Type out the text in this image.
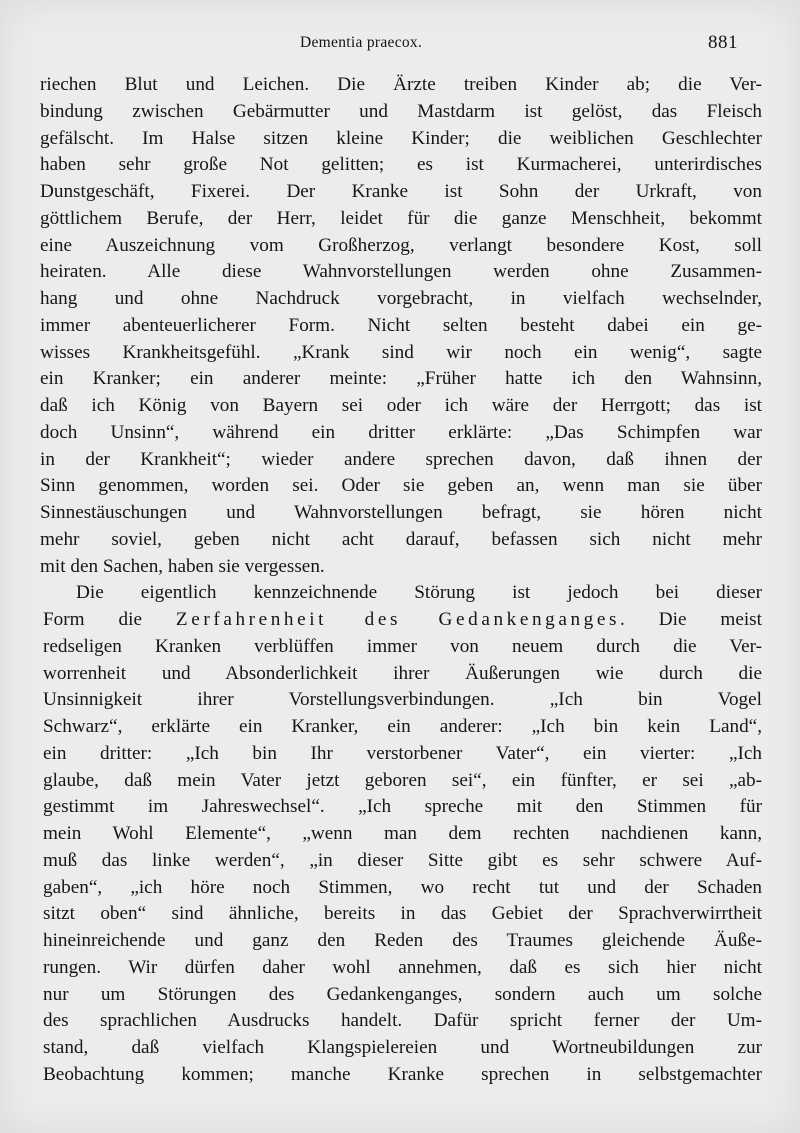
Dementia praecox.	881
riechen Blut und Leichen. Die Ärzte treiben Kinder ab; die Ver-
bindung zwischen Gebärmutter und Mastdarm ist gelöst, das Fleisch
gefälscht. Im Halse sitzen kleine Kinder; die weiblichen Geschlechter
haben sehr große Not gelitten; es ist Kurmacherei, unterirdisches
Dunstgeschäft, Fixerei. Der Kranke ist Sohn der Urkraft, von
göttlichem Berufe, der Herr, leidet für die ganze Menschheit, bekommt
eine Auszeichnung vom Großherzog, verlangt besondere Kost, soll
heiraten. Alle diese Wahnvorstellungen werden ohne Zusammen-
hang und ohne Nachdruck vorgebracht, in vielfach wechselnder,
immer abenteuerlicherer Form. Nicht selten besteht dabei ein ge-
wisses Krankheitsgefühl. „Krank sind wir noch ein wenig“, sagte
ein Kranker; ein anderer meinte: „Früher hatte ich den Wahnsinn,
daß ich König von Bayern sei oder ich wäre der Herrgott; das ist
doch Unsinn“, während ein dritter erklärte: „Das Schimpfen war
in der Krankheit“; wieder andere sprechen davon, daß ihnen der
Sinn genommen, worden sei. Oder sie geben an, wenn man sie über
Sinnestäuschungen und Wahnvorstellungen befragt, sie hören nicht
mehr soviel, geben nicht acht darauf, befassen sich nicht mehr
mit den Sachen, haben sie vergessen.
Die eigentlich kennzeichnende Störung ist jedoch bei dieser
Form die Zerfahrenheit des Gedankenganges. Die meist
redseligen Kranken verblüffen immer von neuem durch die Ver-
worrenheit und Absonderlichkeit ihrer Äußerungen wie durch die
Unsinnigkeit ihrer Vorstellungsverbindungen. „Ich bin Vogel
Schwarz“, erklärte ein Kranker, ein anderer: „Ich bin kein Land“,
ein dritter: „Ich bin Ihr verstorbener Vater“, ein vierter: „Ich
glaube, daß mein Vater jetzt geboren sei“, ein fünfter, er sei „ab-
gestimmt im Jahreswechsel“. „Ich spreche mit den Stimmen für
mein Wohl Elemente“, „wenn man dem rechten nachdienen kann,
muß das linke werden“, „in dieser Sitte gibt es sehr schwere Auf-
gaben“, „ich höre noch Stimmen, wo recht tut und der Schaden
sitzt oben“ sind ähnliche, bereits in das Gebiet der Sprachverwirrtheit
hineinreichende und ganz den Reden des Traumes gleichende Äuße-
rungen. Wir dürfen daher wohl annehmen, daß es sich hier nicht
nur um Störungen des Gedankenganges, sondern auch um solche
des sprachlichen Ausdrucks handelt. Dafür spricht ferner der Um-
stand, daß vielfach Klangspielereien und Wortneubildungen zur
Beobachtung kommen; manche Kranke sprechen in selbstgemachter
